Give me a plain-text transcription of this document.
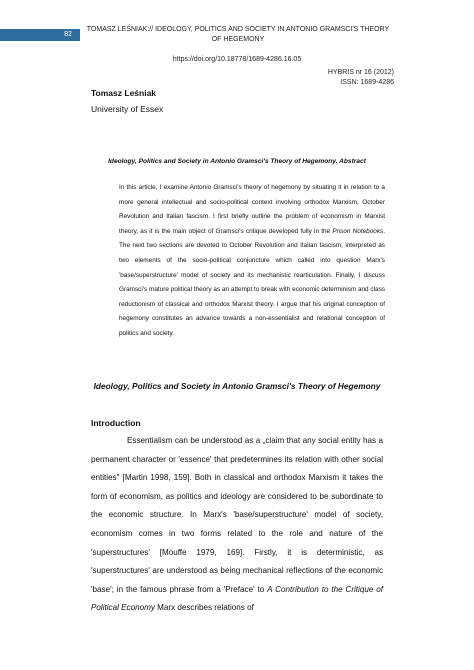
82
TOMASZ LEŚNIAK:// IDEOLOGY, POLITICS AND SOCIETY IN ANTONIO GRAMSCI'S THEORY OF HEGEMONY
https://doi.org/10.18778/1689-4286.16.05
HYBRIS nr 16 (2012)
ISSN: 1689-4286
Tomasz Leśniak
University of Essex
Ideology, Politics and Society in Antonio Gramsci's Theory of Hegemony. Abstract

In this article, I examine Antonio Gramsci's theory of hegemony by situating it in relation to a more general intellectual and socio-political context involving orthodox Marxism, October Revolution and Italian fascism. I first briefly outline the problem of economism in Marxist theory, as it is the main object of Gramsci's critique developed fully in the Prison Notebooks. The next two sections are devoted to October Revolution and Italian fascism, interpreted as two elements of the socio-political conjuncture which called into question Marx's 'base/superstructure' model of society and its mechanistic rearticulation. Finally, I discuss Gramsci's mature political theory as an attempt to break with economic determinism and class reductionism of classical and orthodox Marxist theory. I argue that his original conception of hegemony constitutes an advance towards a non-essentialist and relational conception of politics and society.

Ideology, Politics and Society in Antonio Gramsci's Theory of Hegemony
Introduction

Essentialism can be understood as a „claim that any social entity has a permanent character or 'essence' that predetermines its relation with other social entities" [Martin 1998, 159]. Both in classical and orthodox Marxism it takes the form of economism, as politics and ideology are considered to be subordinate to the economic structure. In Marx's 'base/superstructure' model of society, economism comes in two forms related to the role and nature of the 'superstructures' [Mouffe 1979, 169]. Firstly, it is deterministic, as 'superstructures' are understood as being mechanical reflections of the economic 'base'; in the famous phrase from a 'Preface' to A Contribution to the Critique of Political Economy Marx describes relations of
